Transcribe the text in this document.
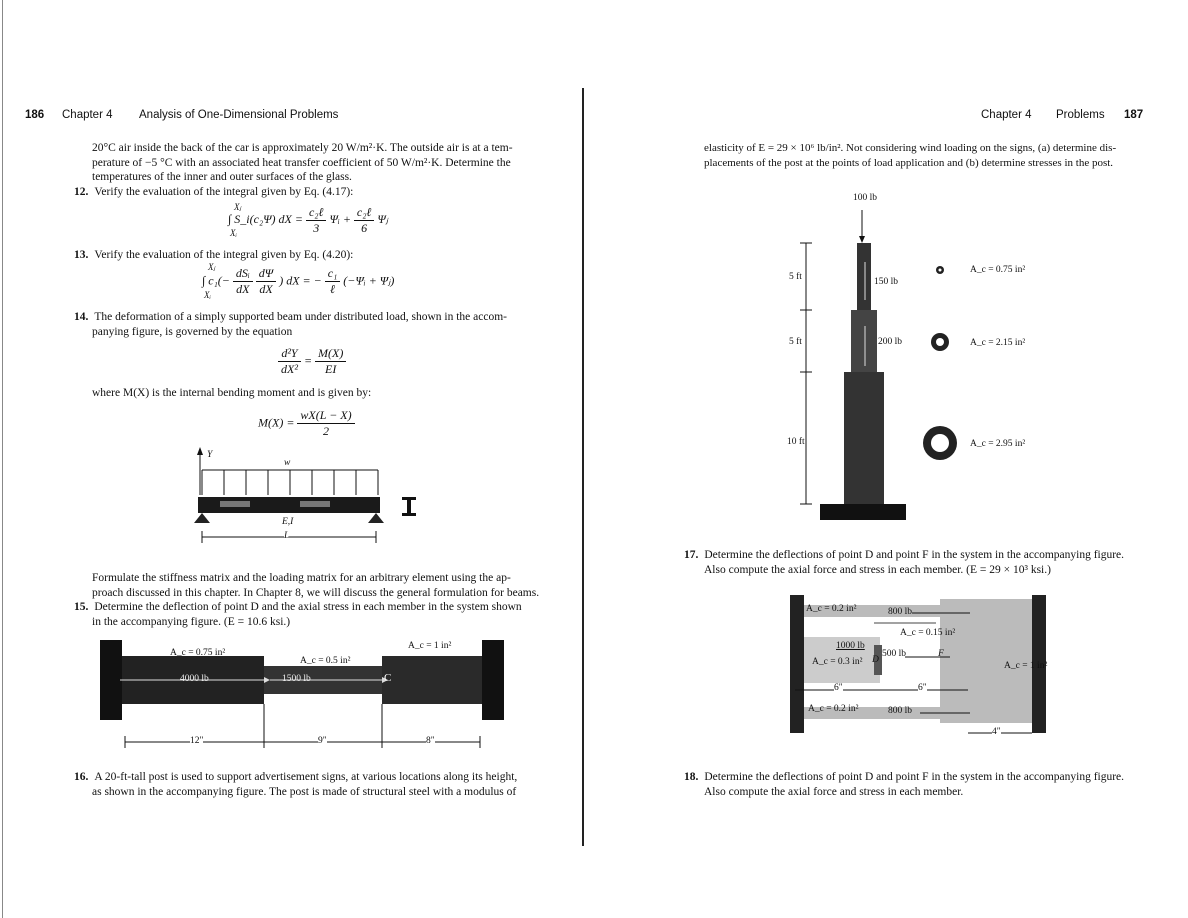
186 Chapter 4 Analysis of One-Dimensional Problems
20°C air inside the back of the car is approximately 20 W/m²·K. The outside air is at a tem-
perature of −5 °C with an associated heat transfer coefficient of 50 W/m²·K. Determine the
temperatures of the inner and outer surfaces of the glass.
12. Verify the evaluation of the integral given by Eq. (4.17):
Xⱼ
Xᵢ
∫ S_i(c₂Ψ) dX = $\frac{\text{c₂ℓ}}{3}$ Ψᵢ + $\frac{\text{c₂ℓ}}{6}$ Ψⱼ
13. Verify the evaluation of the integral given by Eq. (4.20):
Xⱼ
Xᵢ
∫ $c_1(- \frac{\text{dSᵢ}}{dX}$
$\frac{d\Psi}{dX}$ ) dX = − $\frac{\text{c₁}}{\text{ℓ}}$ (−Ψᵢ + Ψⱼ)
14. The deformation of a simply supported beam under distributed load, shown in the accom-
panying figure, is governed by the equation
$\frac{\text{d²Y}}{\text{dX²}} = \frac{M(X)}{EI}$
where M(X) is the internal bending moment and is given by:
$M(X) = \frac{wX(L - X)}{2}$
Y
w
E,I
L
Formulate the stiffness matrix and the loading matrix for an arbitrary element using the ap-
proach discussed in this chapter. In Chapter 8, we will discuss the general formulation for beams.
15. Determine the deflection of point D and the axial stress in each member in the system shown
in the accompanying figure. (E = 10.6 ksi.)
A_c = 0.75 in²
A_c = 0.5 in²
A_c = 1 in²
4000 lb	1500 lb	C
12"	9"	8"
16. A 20-ft-tall post is used to support advertisement signs, at various locations along its height,
as shown in the accompanying figure. The post is made of structural steel with a modulus of
Chapter 4 Problems 187
elasticity of E = 29 × 10⁶ lb/in². Not considering wind loading on the signs, (a) determine dis-
placements of the post at the points of load application and (b) determine stresses in the post.
100 lb
150 lb
200 lb
5 ft
5 ft
10 ft
A_c = 0.75 in²
A_c = 2.15 in²
A_c = 2.95 in²
17. Determine the deflections of point D and point F in the system in the accompanying figure.
Also compute the axial force and stress in each member. (E = 29 × 10³ ksi.)
A_c = 0.2 in²	800 lb
A_c = 0.15 in²
1000 lb
500 lb
A_c = 0.3 in² D
F
A_c = 1 in²
6"	6"
A_c = 0.2 in²	800 lb
4"
18. Determine the deflections of point D and point F in the system in the accompanying figure.
Also compute the axial force and stress in each member.
